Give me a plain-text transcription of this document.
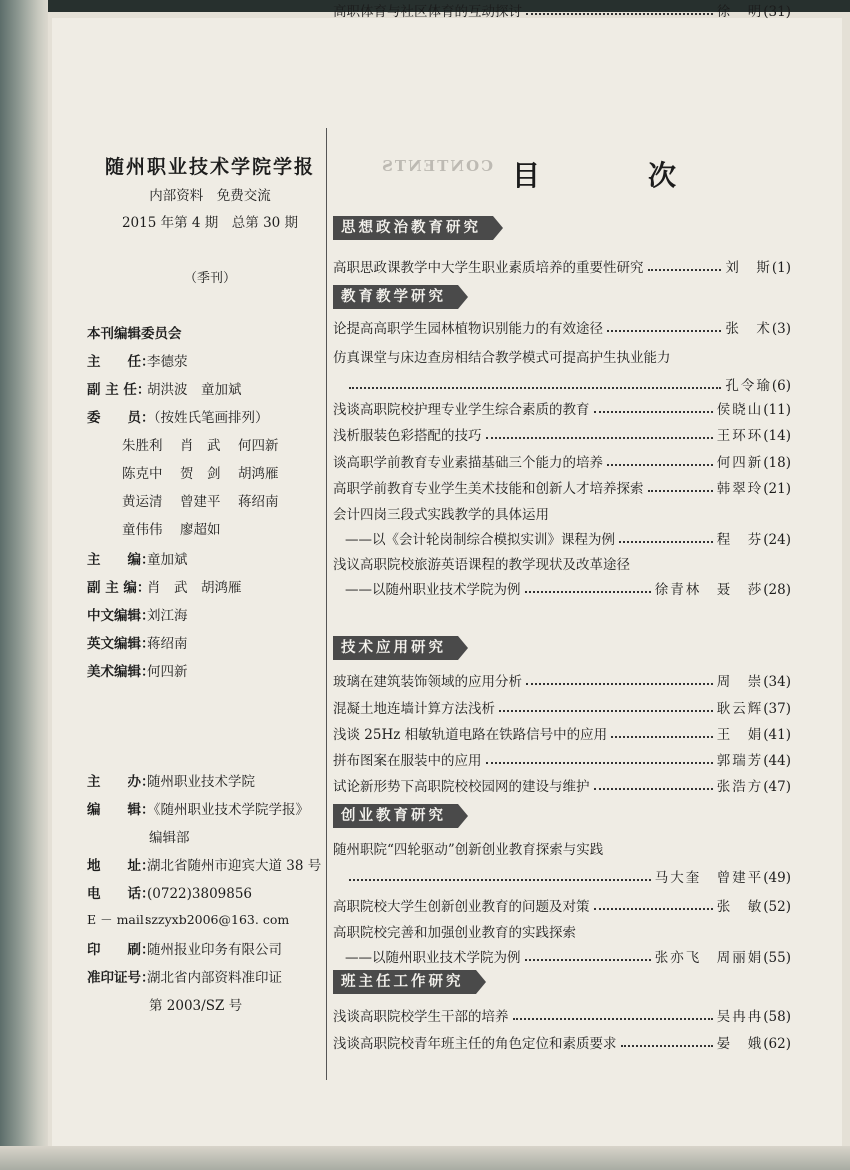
随州职业技术学院学报
内部资料　免费交流
2015 年第 4 期　总第 30 期
（季刊）
本刊编辑委员会
主　　任：李德荥
副 主 任：胡洪波　童加斌
委　　员：（按姓氏笔画排列）
朱胜利 肖　武 何四新
陈克中 贺　剑 胡鸿雁
黄运清 曾建平 蒋绍南
童伟伟 廖超如
主　　编：童加斌
副 主 编：肖　武　胡鸿雁
中文编辑：刘江海
英文编辑：蒋绍南
美术编辑：何四新
主　　办：随州职业技术学院
编　　辑：《随州职业技术学院学报》
编辑部
地　　址：湖北省随州市迎宾大道 38 号
电　　话：(0722)3809856
E － mail：szzyxb2006@163. com
印　　刷：随州报业印务有限公司
准印证号：湖北省内部资料准印证
第 2003/SZ 号
CONTENTS 目　次
思想政治教育研究
高职思政课教学中大学生职业素质培养的重要性研究	刘　斯 (1)
教育教学研究
论提高高职学生园林植物识别能力的有效途径	张　术 (3)
仿真课堂与床边查房相结合教学模式可提高护生执业能力
孔令瑜 (6)
浅谈高职院校护理专业学生综合素质的教育	侯晓山 (11)
浅析服装色彩搭配的技巧	王环环 (14)
谈高职学前教育专业素描基础三个能力的培养	何四新 (18)
高职学前教育专业学生美术技能和创新人才培养探索	韩翠玲 (21)
会计四岗三段式实践教学的具体运用
——以《会计轮岗制综合模拟实训》课程为例	程　芬 (24)
浅议高职院校旅游英语课程的教学现状及改革途径
——以随州职业技术学院为例	徐青林　聂　莎 (28)
高职体育与社区体育的互动探讨	徐　明 (31)
技术应用研究
玻璃在建筑装饰领域的应用分析	周　崇 (34)
混凝土地连墙计算方法浅析	耿云辉 (37)
浅谈 25Hz 相敏轨道电路在铁路信号中的应用	王　娟 (41)
拼布图案在服装中的应用	郭瑞芳 (44)
试论新形势下高职院校校园网的建设与维护	张浩方 (47)
创业教育研究
随州职院“四轮驱动”创新创业教育探索与实践
马大奎　曾建平 (49)
高职院校大学生创新创业教育的问题及对策	张　敏 (52)
高职院校完善和加强创业教育的实践探索
——以随州职业技术学院为例	张亦飞　周丽娟 (55)
班主任工作研究
浅谈高职院校学生干部的培养	吴冉冉 (58)
浅谈高职院校青年班主任的角色定位和素质要求	晏　娥 (62)
